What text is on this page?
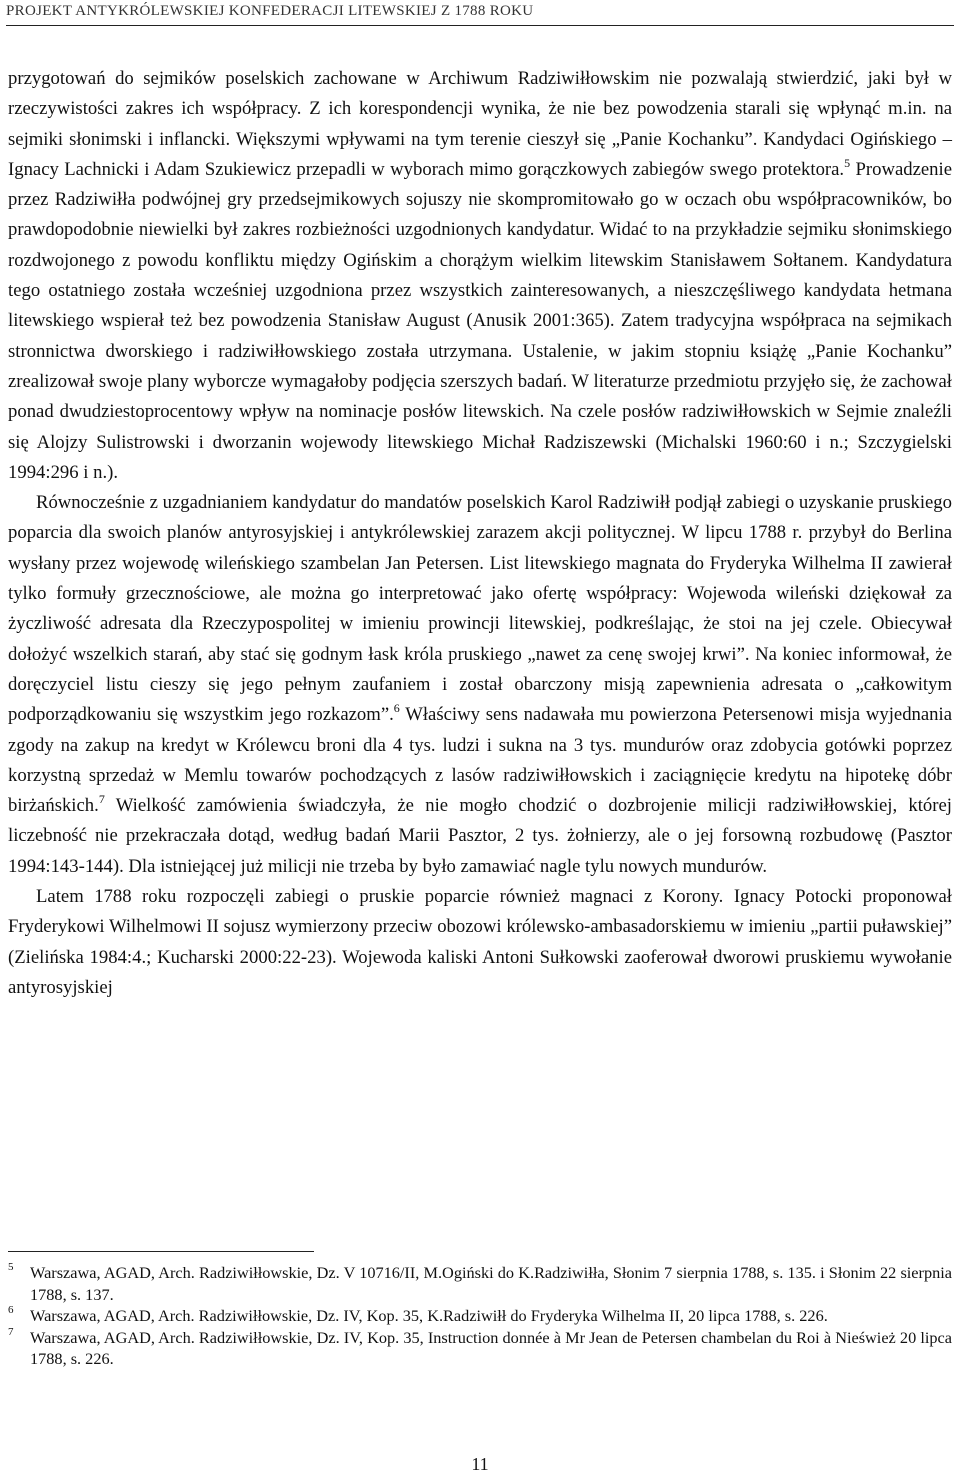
PROJEKT ANTYKRÓLEWSKIEJ KONFEDERACJI LITEWSKIEJ Z 1788 ROKU

przygotowań do sejmików poselskich zachowane w Archiwum Radziwiłłowskim nie pozwalają stwierdzić, jaki był w rzeczywistości zakres ich współpracy. Z ich korespondencji wynika, że nie bez powodzenia starali się wpłynąć m.in. na sejmiki słonimski i inflancki. Większymi wpływami na tym terenie cieszył się „Panie Kochanku”. Kandydaci Ogińskiego – Ignacy Lachnicki i Adam Szukiewicz przepadli w wyborach mimo gorączkowych zabiegów swego protektora.$^5$ Prowadzenie przez Radziwiłła podwójnej gry przedsejmikowych sojuszy nie skompromitowało go w oczach obu współpracowników, bo prawdopodobnie niewielki był zakres rozbieżności uzgodnionych kandydatur. Widać to na przykładzie sejmiku słonimskiego rozdwojonego z powodu konfliktu między Ogińskim a chorążym wielkim litewskim Stanisławem Sołtanem. Kandydatura tego ostatniego została wcześniej uzgodniona przez wszystkich zainteresowanych, a nieszczęśliwego kandydata hetmana litewskiego wspierał też bez powodzenia Stanisław August (Anusik 2001:365). Zatem tradycyjna współpraca na sejmikach stronnictwa dworskiego i radziwiłłowskiego została utrzymana. Ustalenie, w jakim stopniu książę „Panie Kochanku” zrealizował swoje plany wyborcze wymagałoby podjęcia szerszych badań. W literaturze przedmiotu przyjęło się, że zachował ponad dwudziestoprocentowy wpływ na nominacje posłów litewskich. Na czele posłów radziwiłłowskich w Sejmie znaleźli się Alojzy Sulistrowski i dworzanin wojewody litewskiego Michał Radziszewski (Michalski 1960:60 i n.; Szczygielski 1994:296 i n.).

Równocześnie z uzgadnianiem kandydatur do mandatów poselskich Karol Radziwiłł podjął zabiegi o uzyskanie pruskiego poparcia dla swoich planów antyrosyjskiej i antykrólewskiej zarazem akcji politycznej. W lipcu 1788 r. przybył do Berlina wysłany przez wojewodę wileńskiego szambelan Jan Petersen. List litewskiego magnata do Fryderyka Wilhelma II zawierał tylko formuły grzecznościowe, ale można go interpretować jako ofertę współpracy: Wojewoda wileński dziękował za życzliwość adresata dla Rzeczypospolitej w imieniu prowincji litewskiej, podkreślając, że stoi na jej czele. Obiecywał dołożyć wszelkich starań, aby stać się godnym łask króla pruskiego „nawet za cenę swojej krwi”. Na koniec informował, że doręczyciel listu cieszy się jego pełnym zaufaniem i został obarczony misją zapewnienia adresata o „całkowitym podporządkowaniu się wszystkim jego rozkazom”.$^6$ Właściwy sens nadawała mu powierzona Petersenowi misja wyjednania zgody na zakup na kredyt w Królewcu broni dla 4 tys. ludzi i sukna na 3 tys. mundurów oraz zdobycia gotówki poprzez korzystną sprzedaż w Memlu towarów pochodzących z lasów radziwiłłowskich i zaciągnięcie kredytu na hipotekę dóbr birżańskich.$^7$ Wielkość zamówienia świadczyła, że nie mogło chodzić o dozbrojenie milicji radziwiłłowskiej, której liczebność nie przekraczała dotąd, według badań Marii Pasztor, 2 tys. żołnierzy, ale o jej forsowną rozbudowę (Pasztor 1994:143-144). Dla istniejącej już milicji nie trzeba by było zamawiać nagle tylu nowych mundurów.

Latem 1788 roku rozpoczęli zabiegi o pruskie poparcie również magnaci z Korony. Ignacy Potocki proponował Fryderykowi Wilhelmowi II sojusz wymierzony przeciw obozowi królewsko-ambasadorskiemu w imieniu „partii puławskiej” (Zielińska 1984:4.; Kucharski 2000:22-23). Wojewoda kaliski Antoni Sułkowski zaoferował dworowi pruskiemu wywołanie antyrosyjskiej

5 Warszawa, AGAD, Arch. Radziwiłłowskie, Dz. V 10716/II, M.Ogiński do K.Radziwiłła, Słonim 7 sierpnia 1788, s. 135. i Słonim 22 sierpnia 1788, s. 137.
6 Warszawa, AGAD, Arch. Radziwiłłowskie, Dz. IV, Kop. 35, K.Radziwiłł do Fryderyka Wilhelma II, 20 lipca 1788, s. 226.
7 Warszawa, AGAD, Arch. Radziwiłłowskie, Dz. IV, Kop. 35, Instruction donnée à Mr Jean de Petersen chambelan du Roi à Nieśwież 20 lipca 1788, s. 226.
11
